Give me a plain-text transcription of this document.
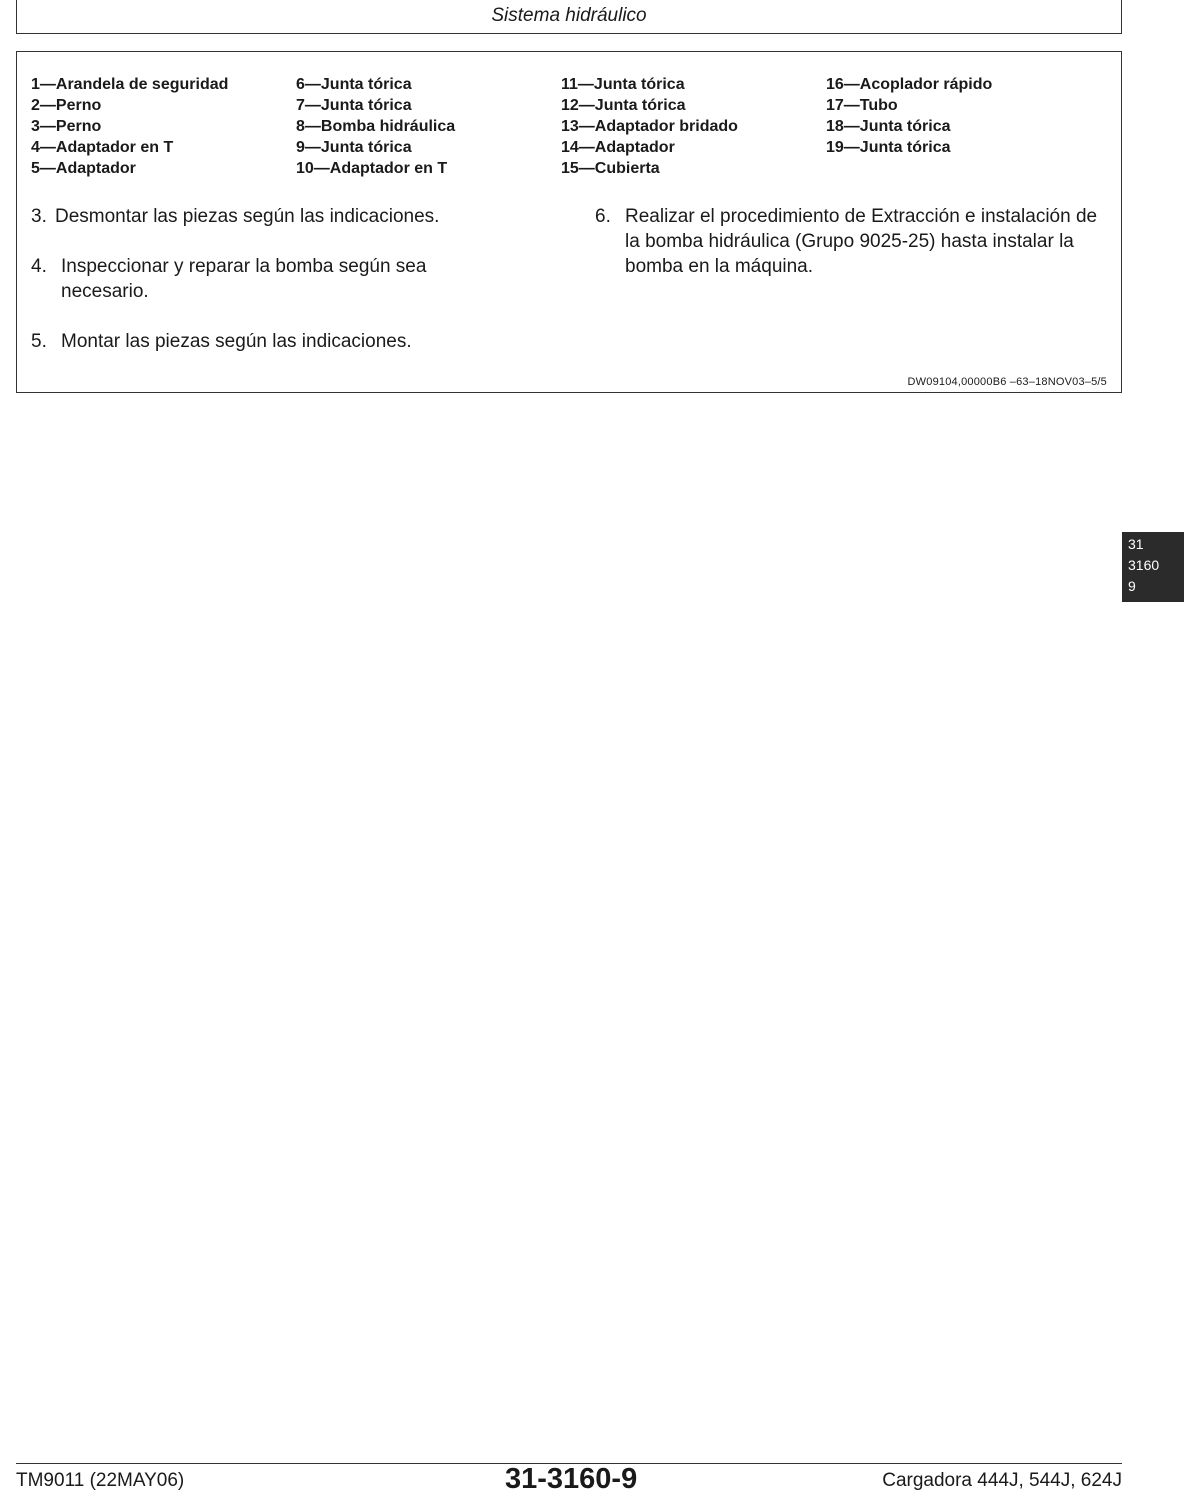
Sistema hidráulico
1—Arandela de seguridad
2—Perno
3—Perno
4—Adaptador en T
5—Adaptador
6—Junta tórica
7—Junta tórica
8—Bomba hidráulica
9—Junta tórica
10—Adaptador en T
11—Junta tórica
12—Junta tórica
13—Adaptador bridado
14—Adaptador
15—Cubierta
16—Acoplador rápido
17—Tubo
18—Junta tórica
19—Junta tórica
3. Desmontar las piezas según las indicaciones.
4. Inspeccionar y reparar la bomba según sea necesario.
5. Montar las piezas según las indicaciones.
6. Realizar el procedimiento de Extracción e instalación de la bomba hidráulica (Grupo 9025-25) hasta instalar la bomba en la máquina.
DW09104,00000B6 –63–18NOV03–5/5
31
3160
9
TM9011 (22MAY06)	31-3160-9	Cargadora 444J, 544J, 624J
